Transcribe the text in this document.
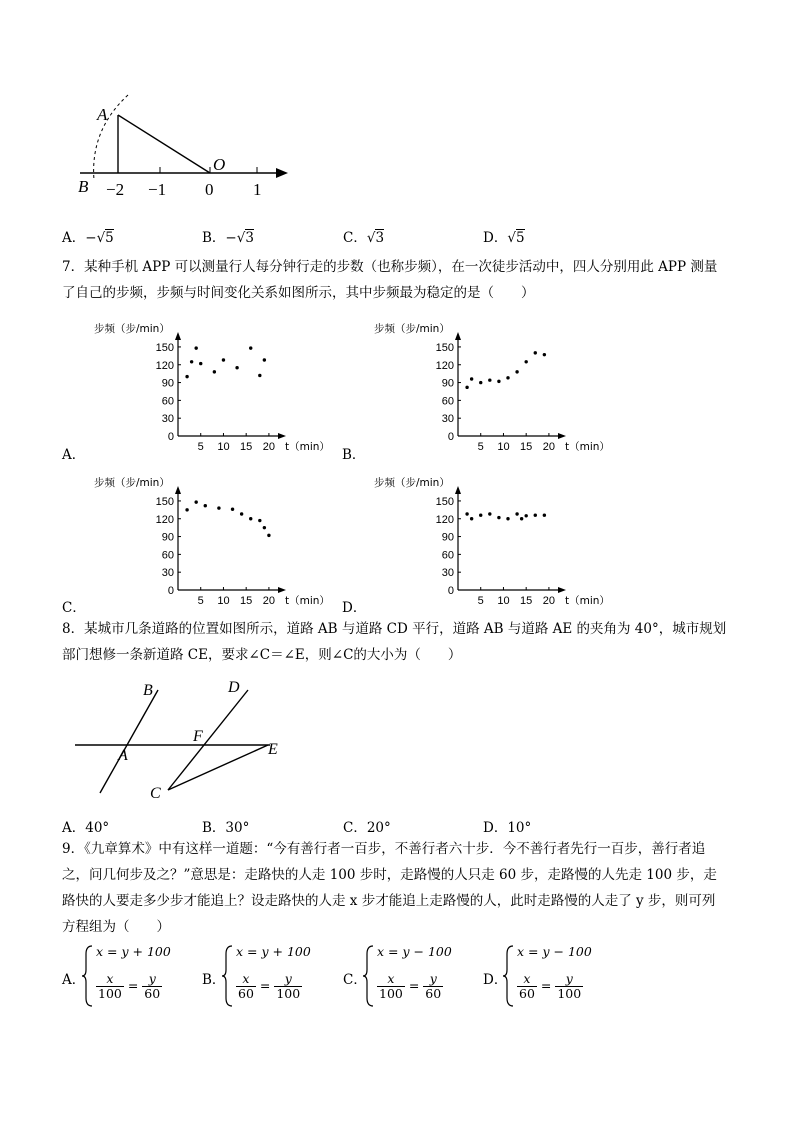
A
B
O
−2 −1 0 1
A．−√5	B．−√3	C．√3	D．√5
7．某种手机 APP 可以测量行人每分钟行走的步数（也称步频），在一次徒步活动中，四人分别用此 APP 测量
了自己的步频，步频与时间变化关系如图所示，其中步频最为稳定的是（　　）
步频（步/min）
0
30
60
90
120
150
5 10 15 20 t（min）
步频（步/min）
0
30
60
90
120
150
5 10 15 20 t（min）
步频（步/min）
0
30
60
90
120
150
5 10 15 20 t（min）
步频（步/min）
0
30
60
90
120
150
5 10 15 20 t（min）
A．	B．
C．	D．
8．某城市几条道路的位置如图所示，道路 AB 与道路 CD 平行，道路 AB 与道路 AE 的夹角为 40°，城市规划
部门想修一条新道路 CE，要求∠C＝∠E，则∠C的大小为（　　）
B
A
D
F
E
C
A．40°	B．30°	C．20°	D．10°
9．《九章算术》中有这样一道题：“今有善行者一百步，不善行者六十步．今不善行者先行一百步，善行者追
之，问几何步及之？”意思是：走路快的人走 100 步时，走路慢的人只走 60 步，走路慢的人先走 100 步，走
路快的人要走多少步才能追上？设走路快的人走 x 步才能追上走路慢的人，此时走路慢的人走了 y 步，则可列
方程组为（　　）
A．
x = y + 100
$\frac{x}{100} = \frac{y}{60}$	B．
x = y + 100
$\frac{x}{60} = \frac{y}{100}$	C．
x = y − 100
$\frac{x}{100} = \frac{y}{60}$	D．
x = y − 100
$\frac{x}{60} = \frac{y}{100}$
